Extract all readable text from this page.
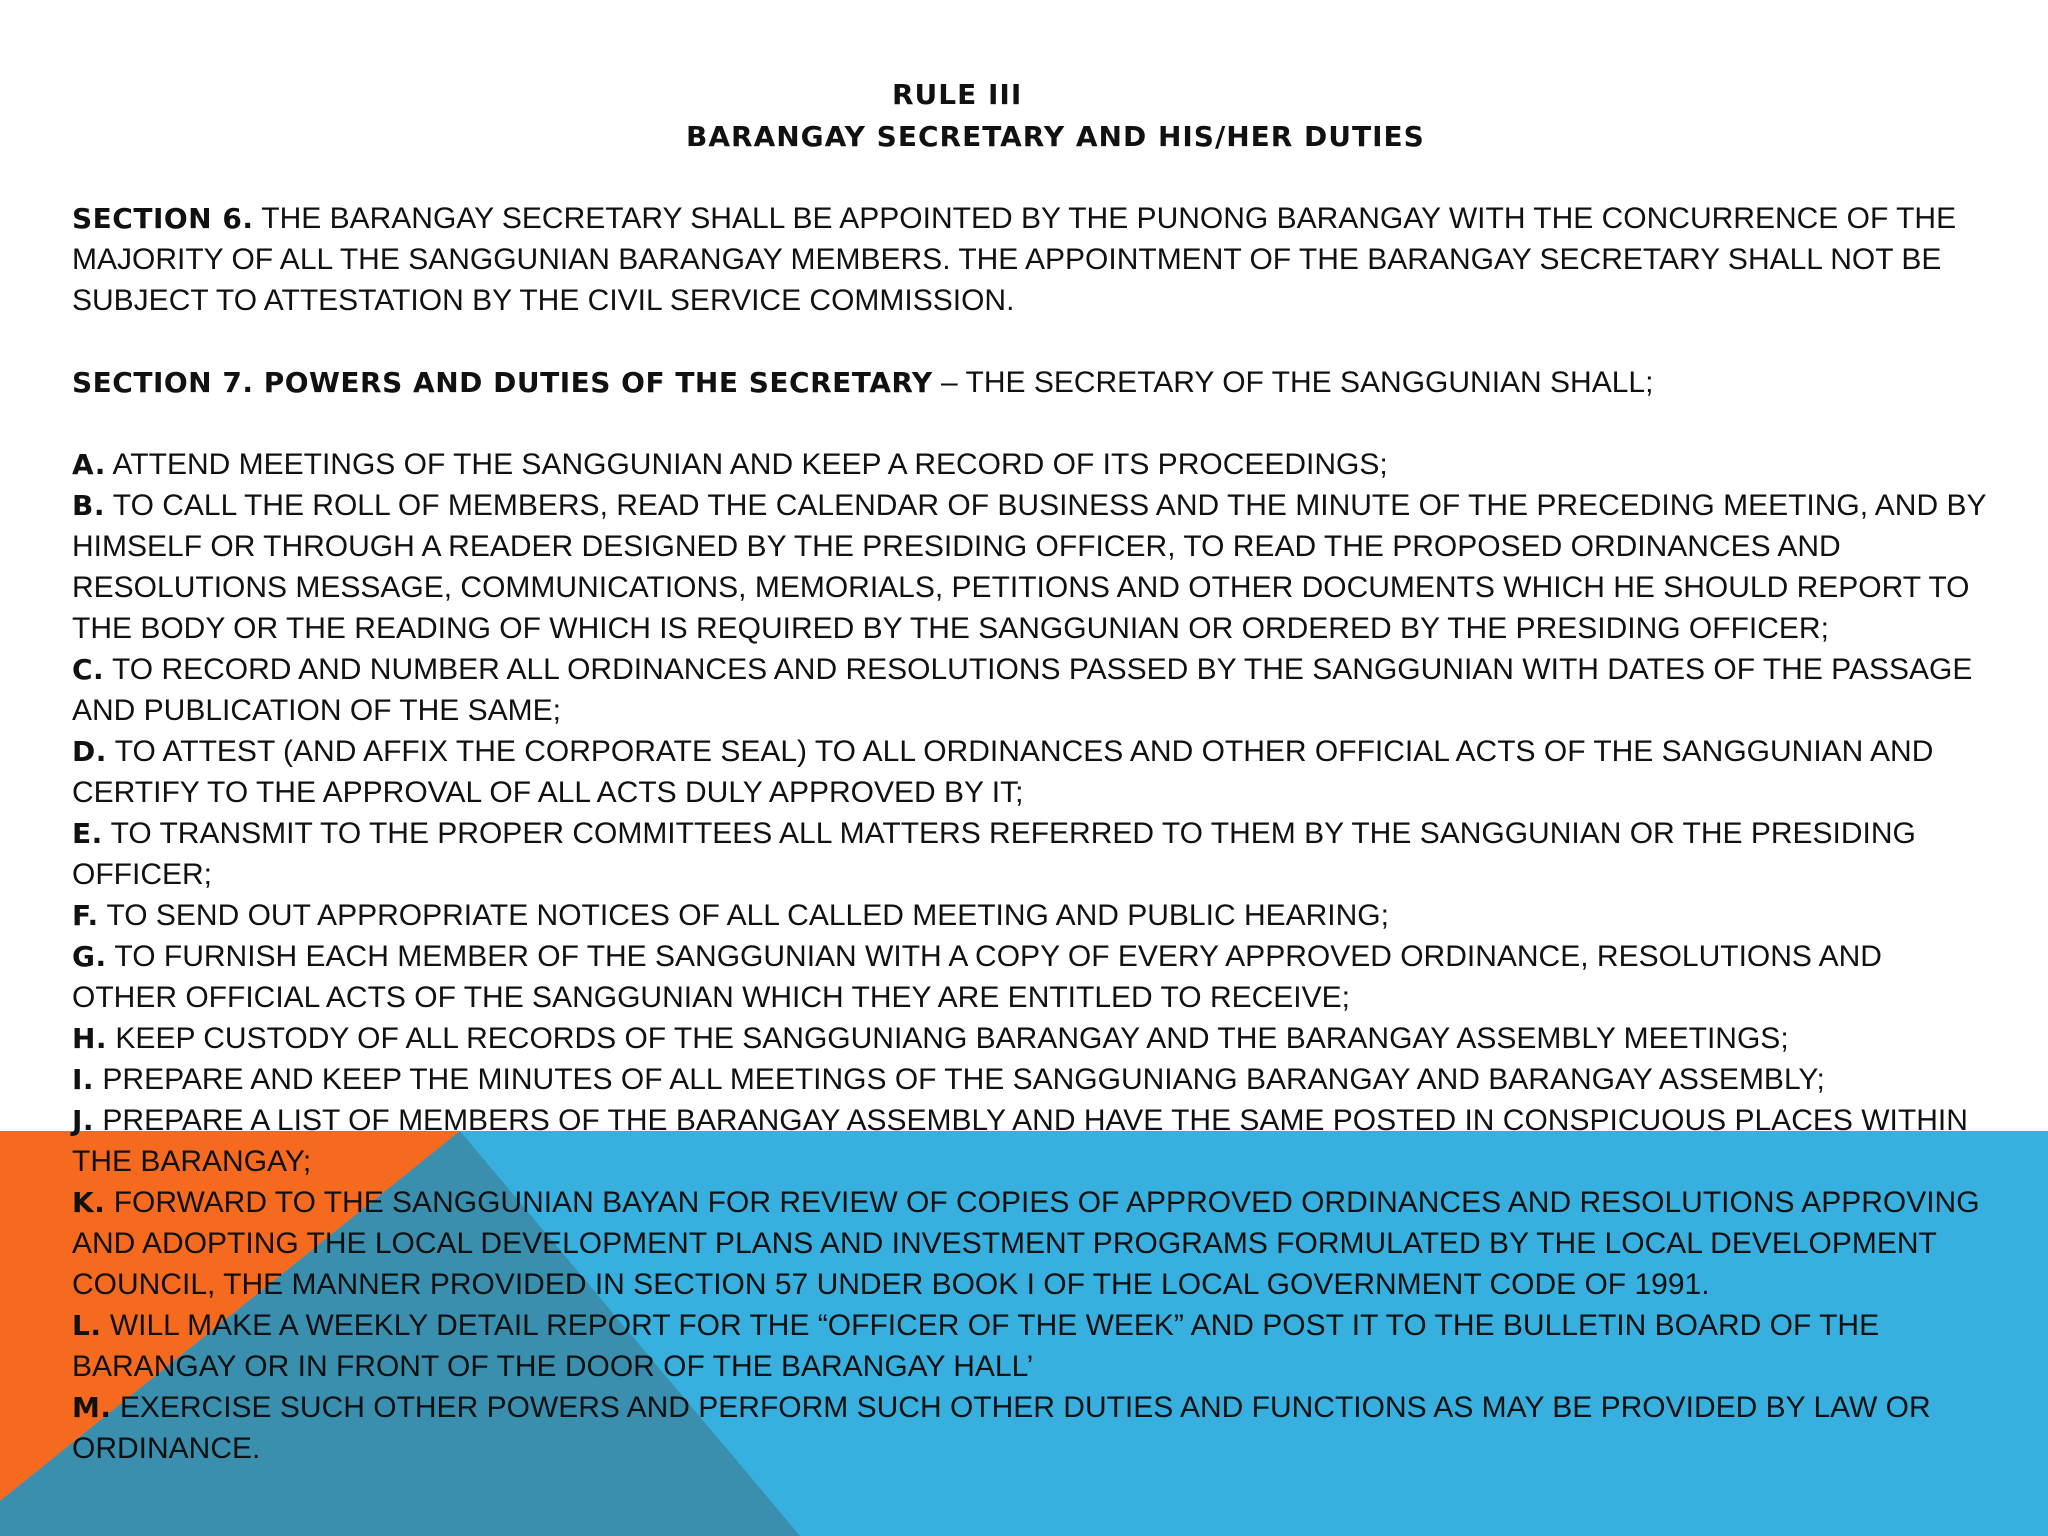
RULE III
BARANGAY SECRETARY AND HIS/HER DUTIES

SECTION 6. THE BARANGAY SECRETARY SHALL BE APPOINTED BY THE PUNONG BARANGAY WITH THE CONCURRENCE OF THE MAJORITY OF ALL THE SANGGUNIAN BARANGAY MEMBERS. THE APPOINTMENT OF THE BARANGAY SECRETARY SHALL NOT BE SUBJECT TO ATTESTATION BY THE CIVIL SERVICE COMMISSION.

SECTION 7. POWERS AND DUTIES OF THE SECRETARY – THE SECRETARY OF THE SANGGUNIAN SHALL;

A. ATTEND MEETINGS OF THE SANGGUNIAN AND KEEP A RECORD OF ITS PROCEEDINGS;

B. TO CALL THE ROLL OF MEMBERS, READ THE CALENDAR OF BUSINESS AND THE MINUTE OF THE PRECEDING MEETING, AND BY HIMSELF OR THROUGH A READER DESIGNED BY THE PRESIDING OFFICER, TO READ THE PROPOSED ORDINANCES AND RESOLUTIONS MESSAGE, COMMUNICATIONS, MEMORIALS, PETITIONS AND OTHER DOCUMENTS WHICH HE SHOULD REPORT TO THE BODY OR THE READING OF WHICH IS REQUIRED BY THE SANGGUNIAN OR ORDERED BY THE PRESIDING OFFICER;

C. TO RECORD AND NUMBER ALL ORDINANCES AND RESOLUTIONS PASSED BY THE SANGGUNIAN WITH DATES OF THE PASSAGE AND PUBLICATION OF THE SAME;

D. TO ATTEST (AND AFFIX THE CORPORATE SEAL) TO ALL ORDINANCES AND OTHER OFFICIAL ACTS OF THE SANGGUNIAN AND CERTIFY TO THE APPROVAL OF ALL ACTS DULY APPROVED BY IT;

E. TO TRANSMIT TO THE PROPER COMMITTEES ALL MATTERS REFERRED TO THEM BY THE SANGGUNIAN OR THE PRESIDING OFFICER;

F. TO SEND OUT APPROPRIATE NOTICES OF ALL CALLED MEETING AND PUBLIC HEARING;

G. TO FURNISH EACH MEMBER OF THE SANGGUNIAN WITH A COPY OF EVERY APPROVED ORDINANCE, RESOLUTIONS AND OTHER OFFICIAL ACTS OF THE SANGGUNIAN WHICH THEY ARE ENTITLED TO RECEIVE;

H. KEEP CUSTODY OF ALL RECORDS OF THE SANGGUNIANG BARANGAY AND THE BARANGAY ASSEMBLY MEETINGS;

I. PREPARE AND KEEP THE MINUTES OF ALL MEETINGS OF THE SANGGUNIANG BARANGAY AND BARANGAY ASSEMBLY;

J. PREPARE A LIST OF MEMBERS OF THE BARANGAY ASSEMBLY AND HAVE THE SAME POSTED IN CONSPICUOUS PLACES WITHIN THE BARANGAY;

K. FORWARD TO THE SANGGUNIAN BAYAN FOR REVIEW OF COPIES OF APPROVED ORDINANCES AND RESOLUTIONS APPROVING AND ADOPTING THE LOCAL DEVELOPMENT PLANS AND INVESTMENT PROGRAMS FORMULATED BY THE LOCAL DEVELOPMENT COUNCIL, THE MANNER PROVIDED IN SECTION 57 UNDER BOOK I OF THE LOCAL GOVERNMENT CODE OF 1991.

L. WILL MAKE A WEEKLY DETAIL REPORT FOR THE “OFFICER OF THE WEEK” AND POST IT TO THE BULLETIN BOARD OF THE BARANGAY OR IN FRONT OF THE DOOR OF THE BARANGAY HALL’

M. EXERCISE SUCH OTHER POWERS AND PERFORM SUCH OTHER DUTIES AND FUNCTIONS AS MAY BE PROVIDED BY LAW OR ORDINANCE.
